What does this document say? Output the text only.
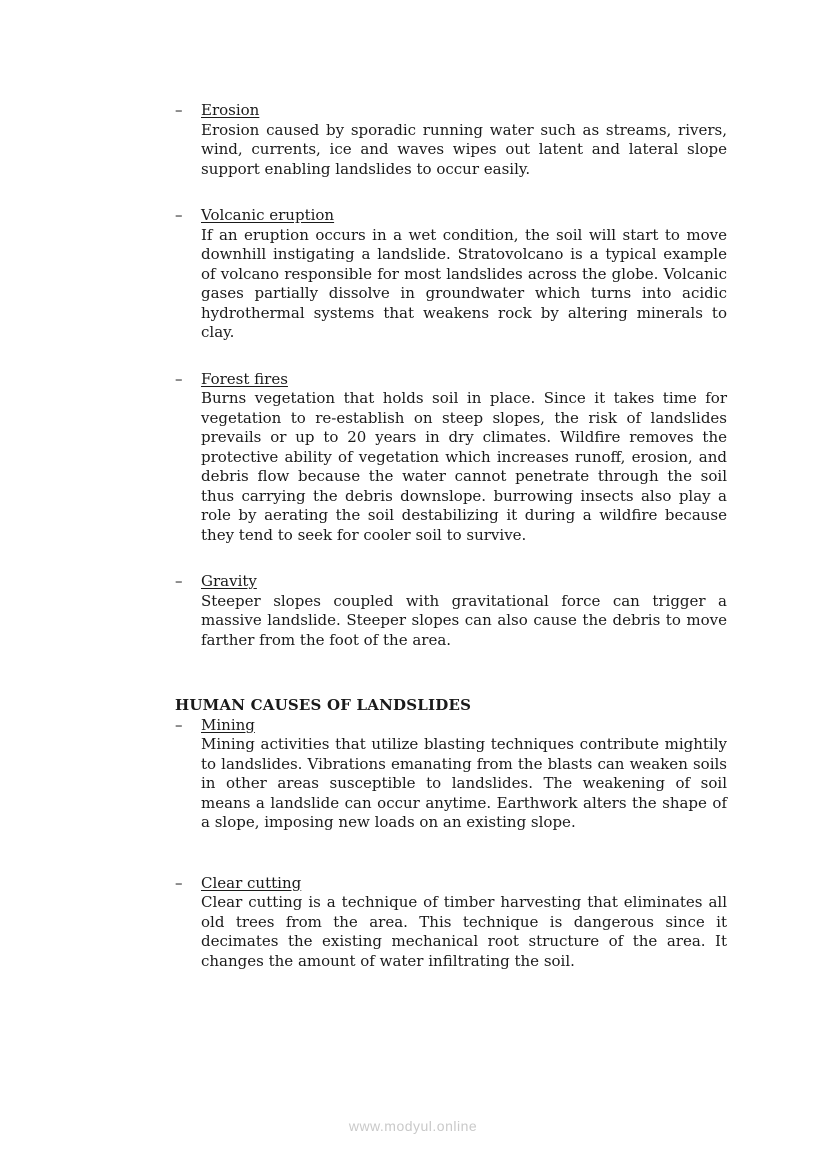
– Erosion

Erosion caused by sporadic running water such as streams, rivers, wind, currents, ice and waves wipes out latent and lateral slope support enabling landslides to occur easily.

– Volcanic eruption

If an eruption occurs in a wet condition, the soil will start to move downhill instigating a landslide. Stratovolcano is a typical example of volcano responsible for most landslides across the globe. Volcanic gases partially dissolve in groundwater which turns into acidic hydrothermal systems that weakens rock by altering minerals to clay.

– Forest fires

Burns vegetation that holds soil in place. Since it takes time for vegetation to re-establish on steep slopes, the risk of landslides prevails or up to 20 years in dry climates. Wildfire removes the protective ability of vegetation which increases runoff, erosion, and debris flow because the water cannot penetrate through the soil thus carrying the debris downslope. burrowing insects also play a role by aerating the soil destabilizing it during a wildfire because they tend to seek for cooler soil to survive.

– Gravity

Steeper slopes coupled with gravitational force can trigger a massive landslide. Steeper slopes can also cause the debris to move farther from the foot of the area.

HUMAN CAUSES OF LANDSLIDES
– Mining

Mining activities that utilize blasting techniques contribute mightily to landslides. Vibrations emanating from the blasts can weaken soils in other areas susceptible to landslides. The weakening of soil means a landslide can occur anytime. Earthwork alters the shape of a slope, imposing new loads on an existing slope.

– Clear cutting

Clear cutting is a technique of timber harvesting that eliminates all old trees from the area. This technique is dangerous since it decimates the existing mechanical root structure of the area. It changes the amount of water infiltrating the soil.

www.modyul.online
